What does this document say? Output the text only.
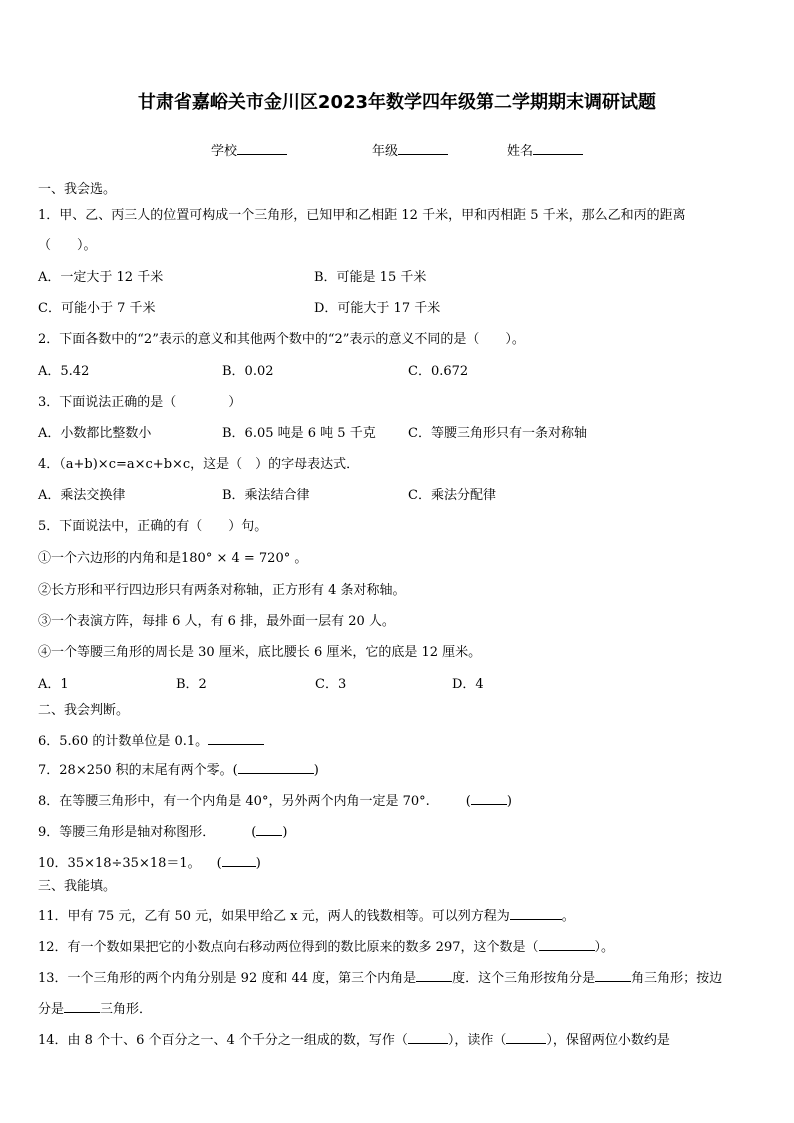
甘肃省嘉峪关市金川区2023年数学四年级第二学期期末调研试题
学校	年级	姓名
一、我会选。
1．甲、乙、丙三人的位置可构成一个三角形，已知甲和乙相距 12 千米，甲和丙相距 5 千米，那么乙和丙的距离
（　　）。
A．一定大于 12 千米	B．可能是 15 千米
C．可能小于 7 千米	D．可能大于 17 千米
2．下面各数中的“2”表示的意义和其他两个数中的“2”表示的意义不同的是（　　）。
A．5.42	B．0.02	C．0.672
3．下面说法正确的是（　　　　）
A．小数都比整数小	B．6.05 吨是 6 吨 5 千克 C．等腰三角形只有一条对称轴
4．（a+b)×c=a×c+b×c，这是（　）的字母表达式．
A．乘法交换律	B．乘法结合律	C．乘法分配律
5．下面说法中，正确的有（　　）句。
①一个六边形的内角和是180° × 4 = 720° 。
②长方形和平行四边形只有两条对称轴，正方形有 4 条对称轴。
③一个表演方阵，每排 6 人，有 6 排，最外面一层有 20 人。
④一个等腰三角形的周长是 30 厘米，底比腰长 6 厘米，它的底是 12 厘米。
A．1	B．2	C．3	D．4
二、我会判断。
6．5.60 的计数单位是 0.1。
7．28×250 积的末尾有两个零。(	)
8．在等腰三角形中，有一个内角是 40°，另外两个内角一定是 70°.	(	)
9．等腰三角形是轴对称图形．	( )
10．35×18÷35×18＝1。 (	)
三、我能填。
11．甲有 75 元，乙有 50 元，如果甲给乙 x 元，两人的钱数相等。可以列方程为	。
12．有一个数如果把它的小数点向右移动两位得到的数比原来的数多 297，这个数是（	）。
13．一个三角形的两个内角分别是 92 度和 44 度，第三个内角是	度．这个三角形按角分是	角三角形；按边
分是	三角形．
14．由 8 个十、6 个百分之一、4 个千分之一组成的数，写作（	），读作（	），保留两位小数约是
